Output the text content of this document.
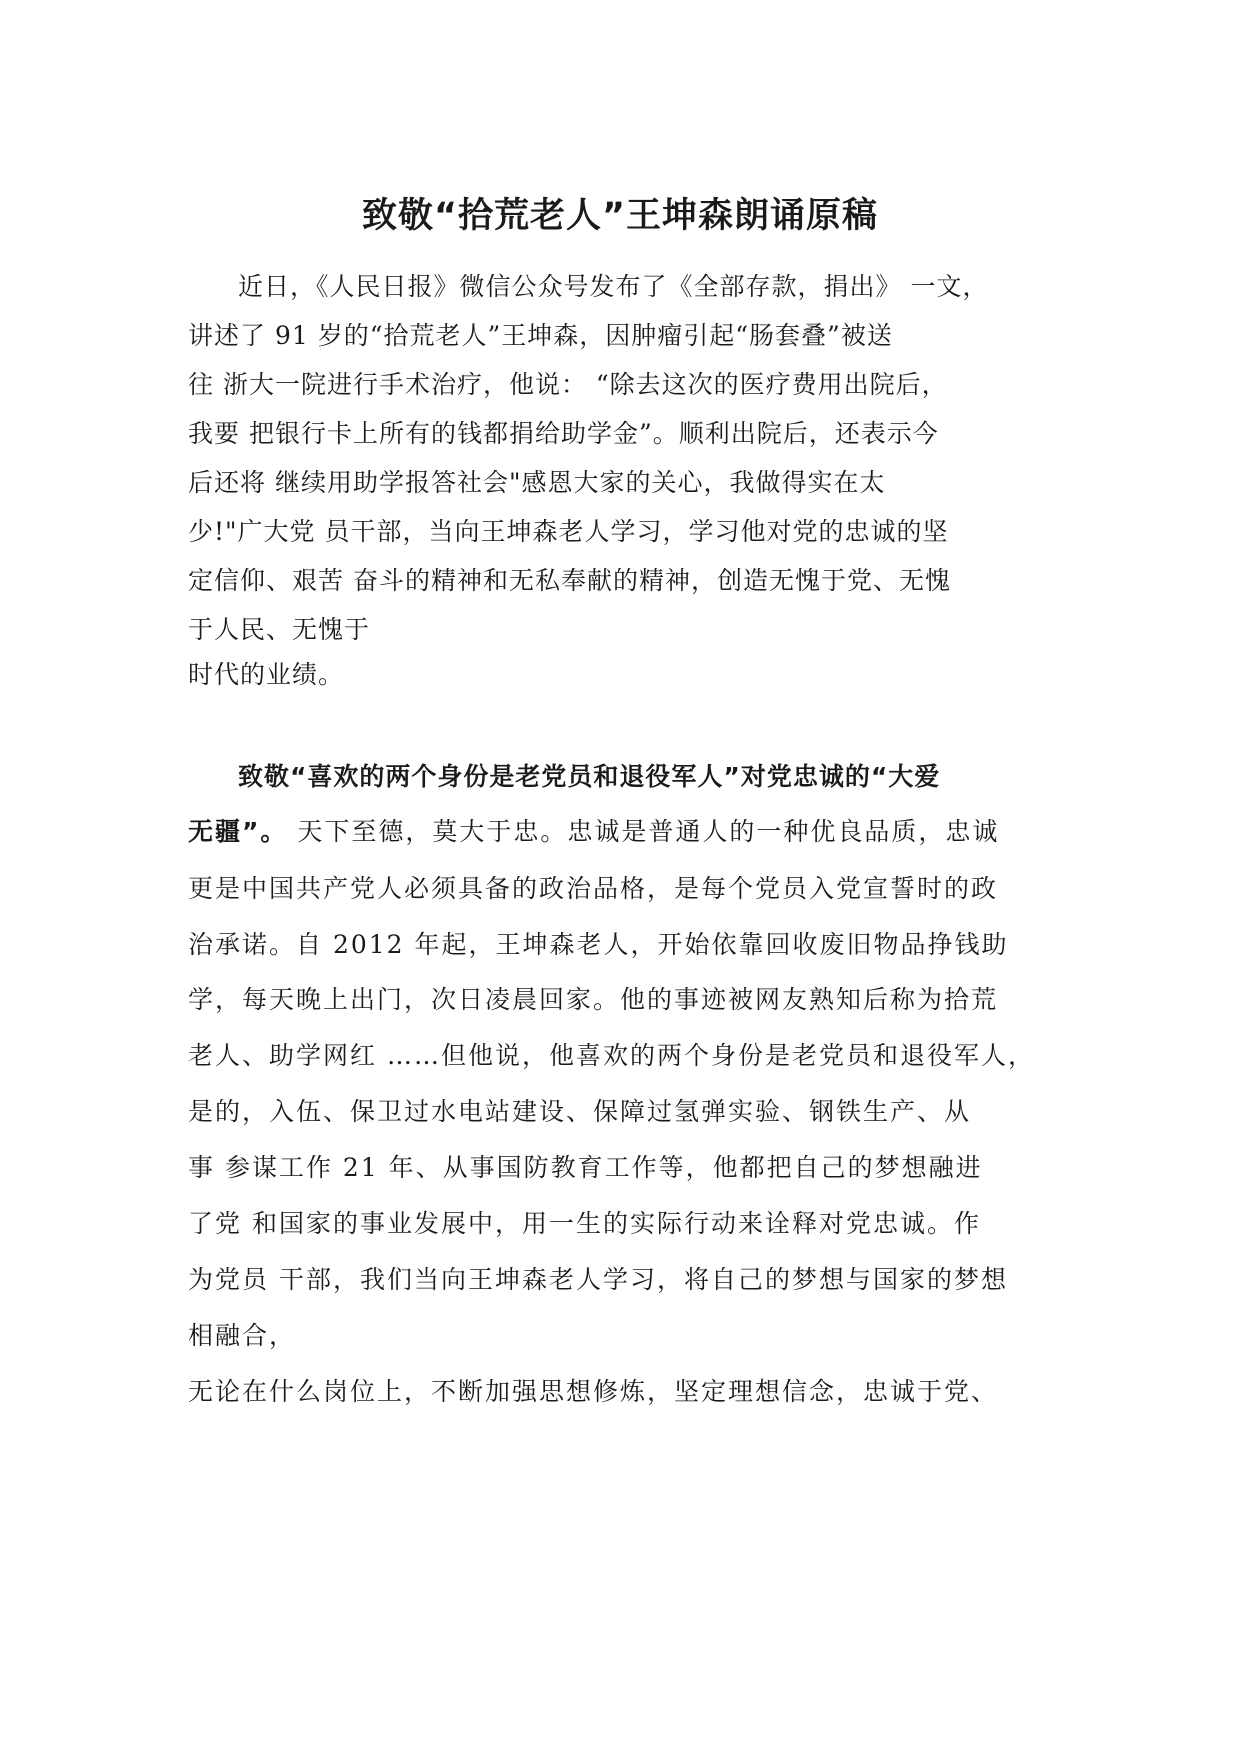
致敬“拾荒老人”王坤森朗诵原稿
近日，《人民日报》微信公众号发布了《全部存款，捐出》 一文，
讲述了 91 岁的“拾荒老人”王坤森，因肿瘤引起“肠套叠”被送
往 浙大一院进行手术治疗，他说： “除去这次的医疗费用出院后，
我要 把银行卡上所有的钱都捐给助学金”。顺利出院后，还表示今
后还将 继续用助学报答社会"感恩大家的关心，我做得实在太
少!"广大党 员干部，当向王坤森老人学习，学习他对党的忠诚的坚
定信仰、艰苦 奋斗的精神和无私奉献的精神，创造无愧于党、无愧
于人民、无愧于
时代的业绩。
致敬“喜欢的两个身份是老党员和退役军人”对党忠诚的“大爱
无疆”。 天下至德，莫大于忠。忠诚是普通人的一种优良品质，忠诚
更是中国共产党人必须具备的政治品格，是每个党员入党宣誓时的政
治承诺。自 2012 年起，王坤森老人，开始依靠回收废旧物品挣钱助
学，每天晚上出门，次日凌晨回家。他的事迹被网友熟知后称为拾荒
老人、助学网红 ……但他说，他喜欢的两个身份是老党员和退役军人，
是的，入伍、保卫过水电站建设、保障过氢弹实验、钢铁生产、从
事 参谋工作 21 年、从事国防教育工作等，他都把自己的梦想融进
了党 和国家的事业发展中，用一生的实际行动来诠释对党忠诚。作
为党员 干部，我们当向王坤森老人学习，将自己的梦想与国家的梦想
相融合，
无论在什么岗位上，不断加强思想修炼，坚定理想信念，忠诚于党、
